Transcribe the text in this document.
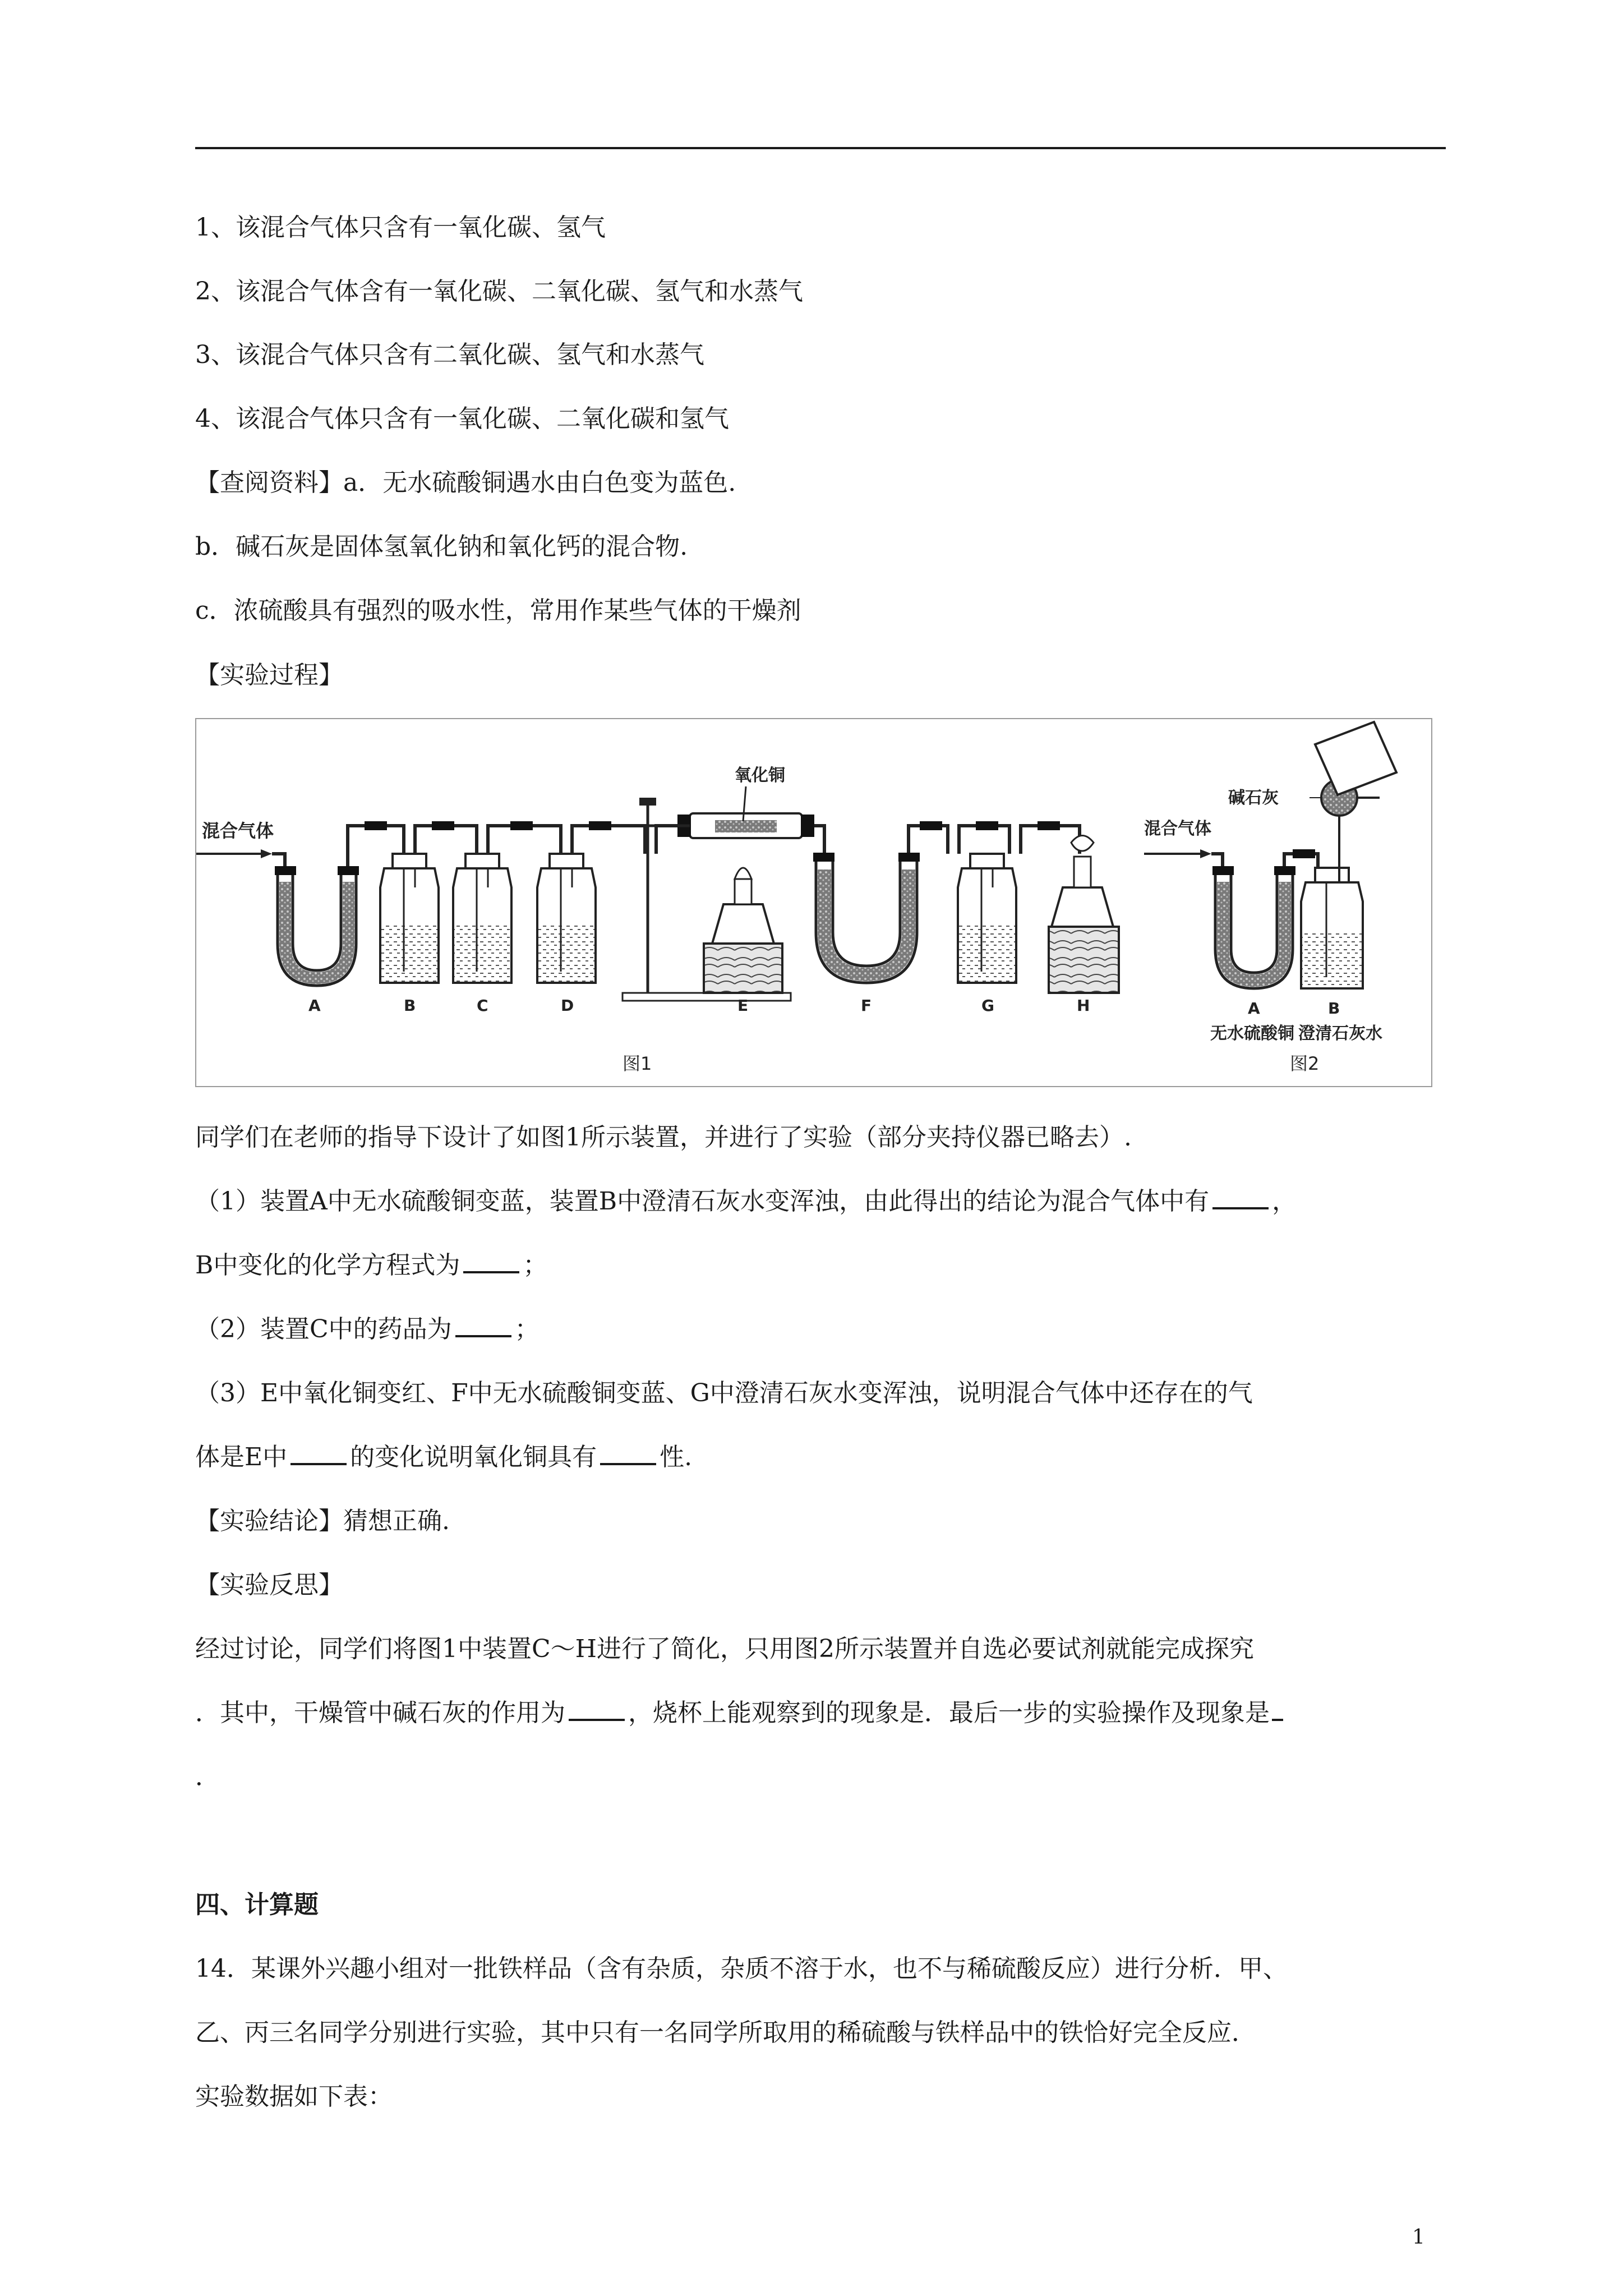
1、该混合气体只含有一氧化碳、氢气
2、该混合气体含有一氧化碳、二氧化碳、氢气和水蒸气
3、该混合气体只含有二氧化碳、氢气和水蒸气
4、该混合气体只含有一氧化碳、二氧化碳和氢气
【查阅资料】a．无水硫酸铜遇水由白色变为蓝色.
b．碱石灰是固体氢氧化钠和氧化钙的混合物.
c．浓硫酸具有强烈的吸水性，常用作某些气体的干燥剂
【实验过程】
混合气体
氧化铜
A	B	C	D	E	F	G	H
图1
混合气体
碱石灰
A	B
无水硫酸铜 澄清石灰水
图2
同学们在老师的指导下设计了如图1所示装置，并进行了实验（部分夹持仪器已略去）.
（1）装置A中无水硫酸铜变蓝，装置B中澄清石灰水变浑浊，由此得出的结论为混合气体中有	，
B中变化的化学方程式为	；
（2）装置C中的药品为	；
（3）E中氧化铜变红、F中无水硫酸铜变蓝、G中澄清石灰水变浑浊，说明混合气体中还存在的气
体是E中	的变化说明氧化铜具有	性.
【实验结论】猜想正确.
【实验反思】
经过讨论，同学们将图1中装置C～H进行了简化，只用图2所示装置并自选必要试剂就能完成探究
．其中，干燥管中碱石灰的作用为	，烧杯上能观察到的现象是．最后一步的实验操作及现象是
．
四、计算题
14．某课外兴趣小组对一批铁样品（含有杂质，杂质不溶于水，也不与稀硫酸反应）进行分析．甲、
乙、丙三名同学分别进行实验，其中只有一名同学所取用的稀硫酸与铁样品中的铁恰好完全反应．
实验数据如下表：
1
